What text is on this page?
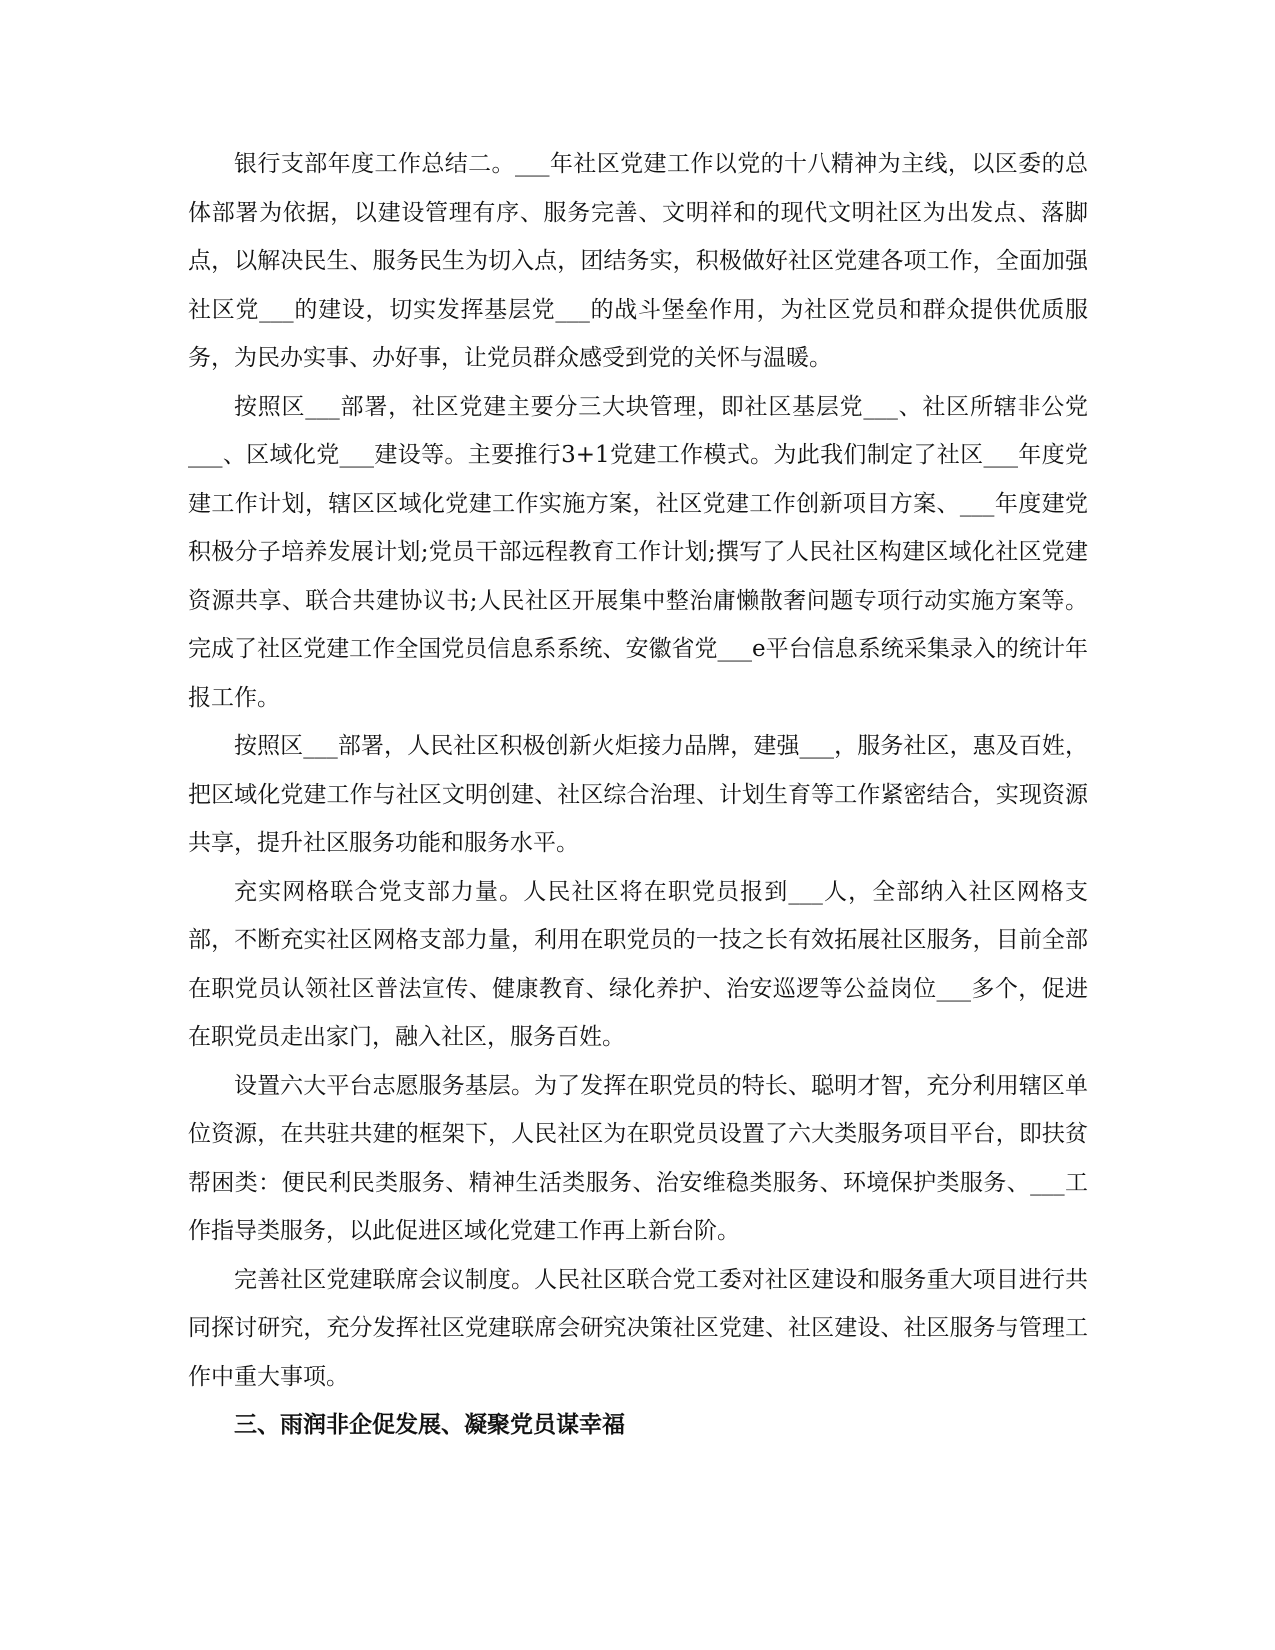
银行支部年度工作总结二。___年社区党建工作以党的十八精神为主线，以区委的总体部署为依据，以建设管理有序、服务完善、文明祥和的现代文明社区为出发点、落脚点，以解决民生、服务民生为切入点，团结务实，积极做好社区党建各项工作，全面加强社区党___的建设，切实发挥基层党___的战斗堡垒作用，为社区党员和群众提供优质服务，为民办实事、办好事，让党员群众感受到党的关怀与温暖。

按照区___部署，社区党建主要分三大块管理，即社区基层党___、社区所辖非公党___、区域化党___建设等。主要推行3+1党建工作模式。为此我们制定了社区___年度党建工作计划，辖区区域化党建工作实施方案，社区党建工作创新项目方案、___年度建党积极分子培养发展计划;党员干部远程教育工作计划;撰写了人民社区构建区域化社区党建资源共享、联合共建协议书;人民社区开展集中整治庸懒散奢问题专项行动实施方案等。完成了社区党建工作全国党员信息系系统、安徽省党___e平台信息系统采集录入的统计年报工作。

按照区___部署，人民社区积极创新火炬接力品牌，建强___，服务社区，惠及百姓，把区域化党建工作与社区文明创建、社区综合治理、计划生育等工作紧密结合，实现资源共享，提升社区服务功能和服务水平。

充实网格联合党支部力量。人民社区将在职党员报到___人，全部纳入社区网格支部，不断充实社区网格支部力量，利用在职党员的一技之长有效拓展社区服务，目前全部在职党员认领社区普法宣传、健康教育、绿化养护、治安巡逻等公益岗位___多个，促进在职党员走出家门，融入社区，服务百姓。

设置六大平台志愿服务基层。为了发挥在职党员的特长、聪明才智，充分利用辖区单位资源，在共驻共建的框架下，人民社区为在职党员设置了六大类服务项目平台，即扶贫帮困类：便民利民类服务、精神生活类服务、治安维稳类服务、环境保护类服务、___工作指导类服务，以此促进区域化党建工作再上新台阶。

完善社区党建联席会议制度。人民社区联合党工委对社区建设和服务重大项目进行共同探讨研究，充分发挥社区党建联席会研究决策社区党建、社区建设、社区服务与管理工作中重大事项。

三、雨润非企促发展、凝聚党员谋幸福
